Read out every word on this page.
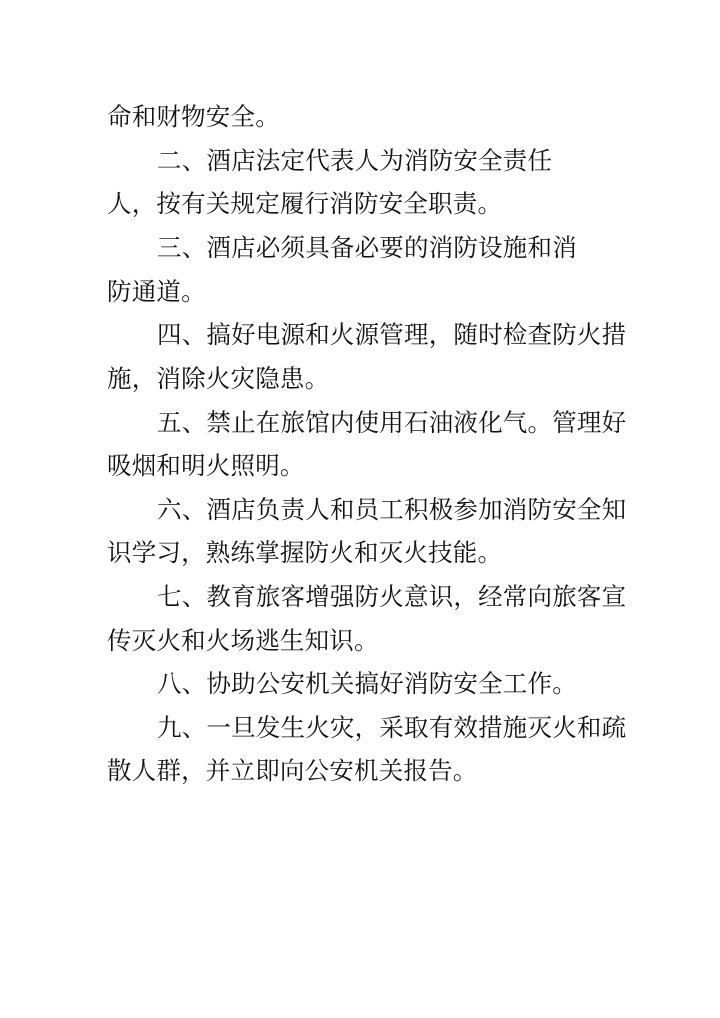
命和财物安全。
二、酒店法定代表人为消防安全责任
人，按有关规定履行消防安全职责。
三、酒店必须具备必要的消防设施和消
防通道。
四、搞好电源和火源管理，随时检查防火措
施，消除火灾隐患。
五、禁止在旅馆内使用石油液化气。管理好
吸烟和明火照明。
六、酒店负责人和员工积极参加消防安全知
识学习，熟练掌握防火和灭火技能。
七、教育旅客增强防火意识，经常向旅客宣
传灭火和火场逃生知识。
八、协助公安机关搞好消防安全工作。
九、一旦发生火灾，采取有效措施灭火和疏
散人群，并立即向公安机关报告。
